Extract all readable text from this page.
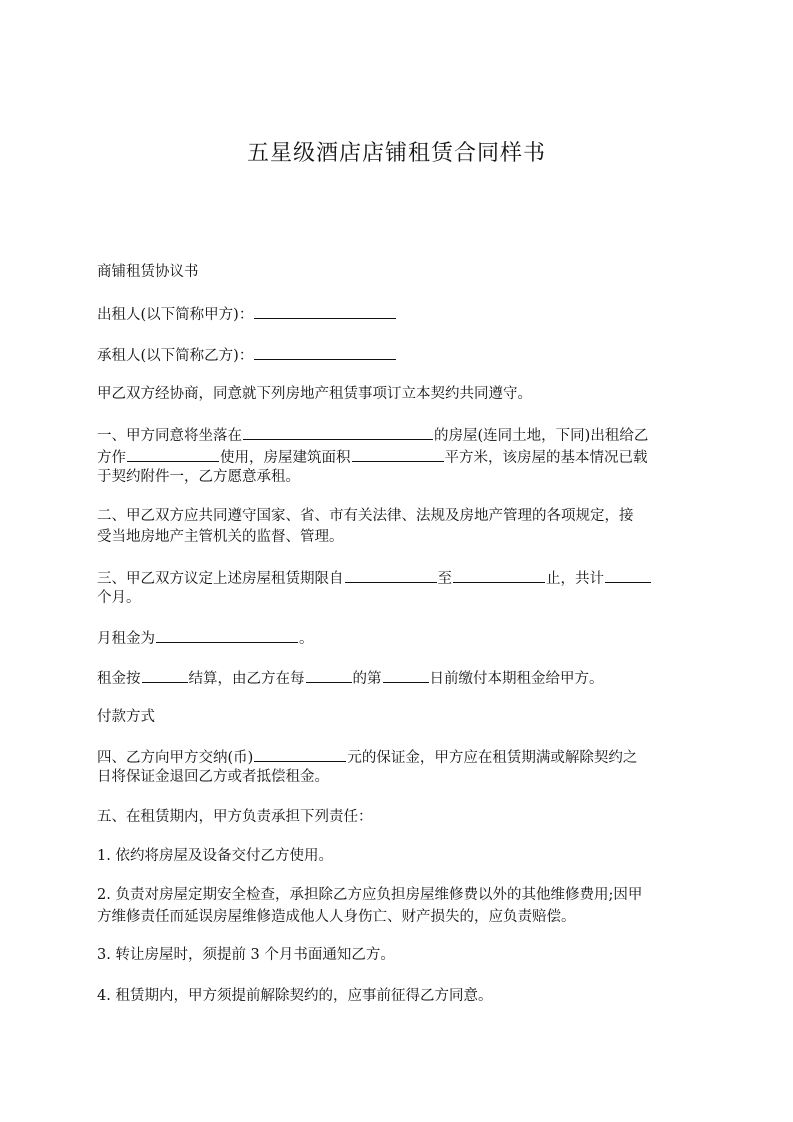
五星级酒店店铺租赁合同样书
商铺租赁协议书
出租人(以下简称甲方)：
承租人(以下简称乙方)：
甲乙双方经协商，同意就下列房地产租赁事项订立本契约共同遵守。
一、甲方同意将坐落在	的房屋(连同土地，下同)出租给乙
方作	使用，房屋建筑面积	平方米，该房屋的基本情况已载
于契约附件一，乙方愿意承租。
二、甲乙双方应共同遵守国家、省、市有关法律、法规及房地产管理的各项规定，接
受当地房地产主管机关的监督、管理。
三、甲乙双方议定上述房屋租赁期限自	至	止，共计
个月。
月租金为	。
租金按	结算，由乙方在每	的第	日前缴付本期租金给甲方。
付款方式
四、乙方向甲方交纳(币)	元的保证金，甲方应在租赁期满或解除契约之
日将保证金退回乙方或者抵偿租金。
五、在租赁期内，甲方负责承担下列责任：
1. 依约将房屋及设备交付乙方使用。
2. 负责对房屋定期安全检查，承担除乙方应负担房屋维修费以外的其他维修费用;因甲
方维修责任而延误房屋维修造成他人人身伤亡、财产损失的，应负责赔偿。
3. 转让房屋时，须提前 3 个月书面通知乙方。
4. 租赁期内，甲方须提前解除契约的，应事前征得乙方同意。
